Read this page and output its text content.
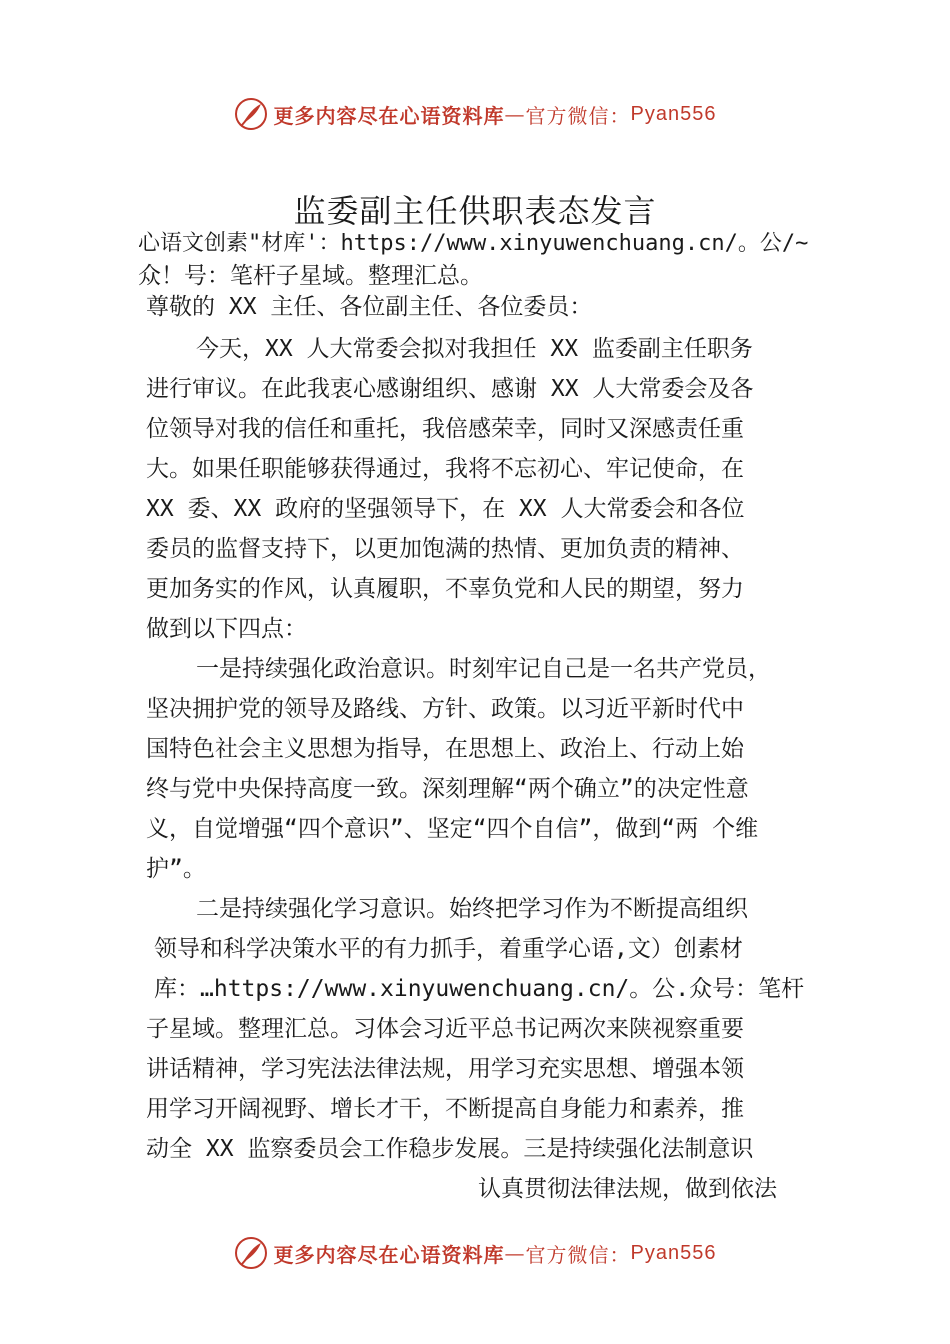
更多内容尽在心语资料库 — 官方微信： Pyan556
监委副主任供职表态发言
心语文创素"材库'：https://www.xinyuwenchuang.cn/。公/~
众！号：笔杆子星域。整理汇总。
尊敬的 XX 主任、各位副主任、各位委员：
今天，XX 人大常委会拟对我担任 XX 监委副主任职务
进行审议。在此我衷心感谢组织、感谢 XX 人大常委会及各
位领导对我的信任和重托，我倍感荣幸，同时又深感责任重
大。如果任职能够获得通过，我将不忘初心、牢记使命，在
XX 委、XX 政府的坚强领导下，在 XX 人大常委会和各位
委员的监督支持下，以更加饱满的热情、更加负责的精神、
更加务实的作风，认真履职，不辜负党和人民的期望，努力
做到以下四点：
一是持续强化政治意识。时刻牢记自己是一名共产党员，
坚决拥护党的领导及路线、方针、政策。以习近平新时代中
国特色社会主义思想为指导，在思想上、政治上、行动上始
终与党中央保持高度一致。深刻理解“两个确立”的决定性意
义，自觉增强“四个意识”、坚定“四个自信”，做到“两 个维
护”。
二是持续强化学习意识。始终把学习作为不断提高组织
领导和科学决策水平的有力抓手，着重学心语,文）创素材
库：…https://www.xinyuwenchuang.cn/。公.众号：笔杆
子星域。整理汇总。习体会习近平总书记两次来陕视察重要
讲话精神，学习宪法法律法规，用学习充实思想、增强本领
用学习开阔视野、增长才干，不断提高自身能力和素养，推
动全 XX 监察委员会工作稳步发展。三是持续强化法制意识
认真贯彻法律法规，做到依法
更多内容尽在心语资料库 — 官方微信： Pyan556
